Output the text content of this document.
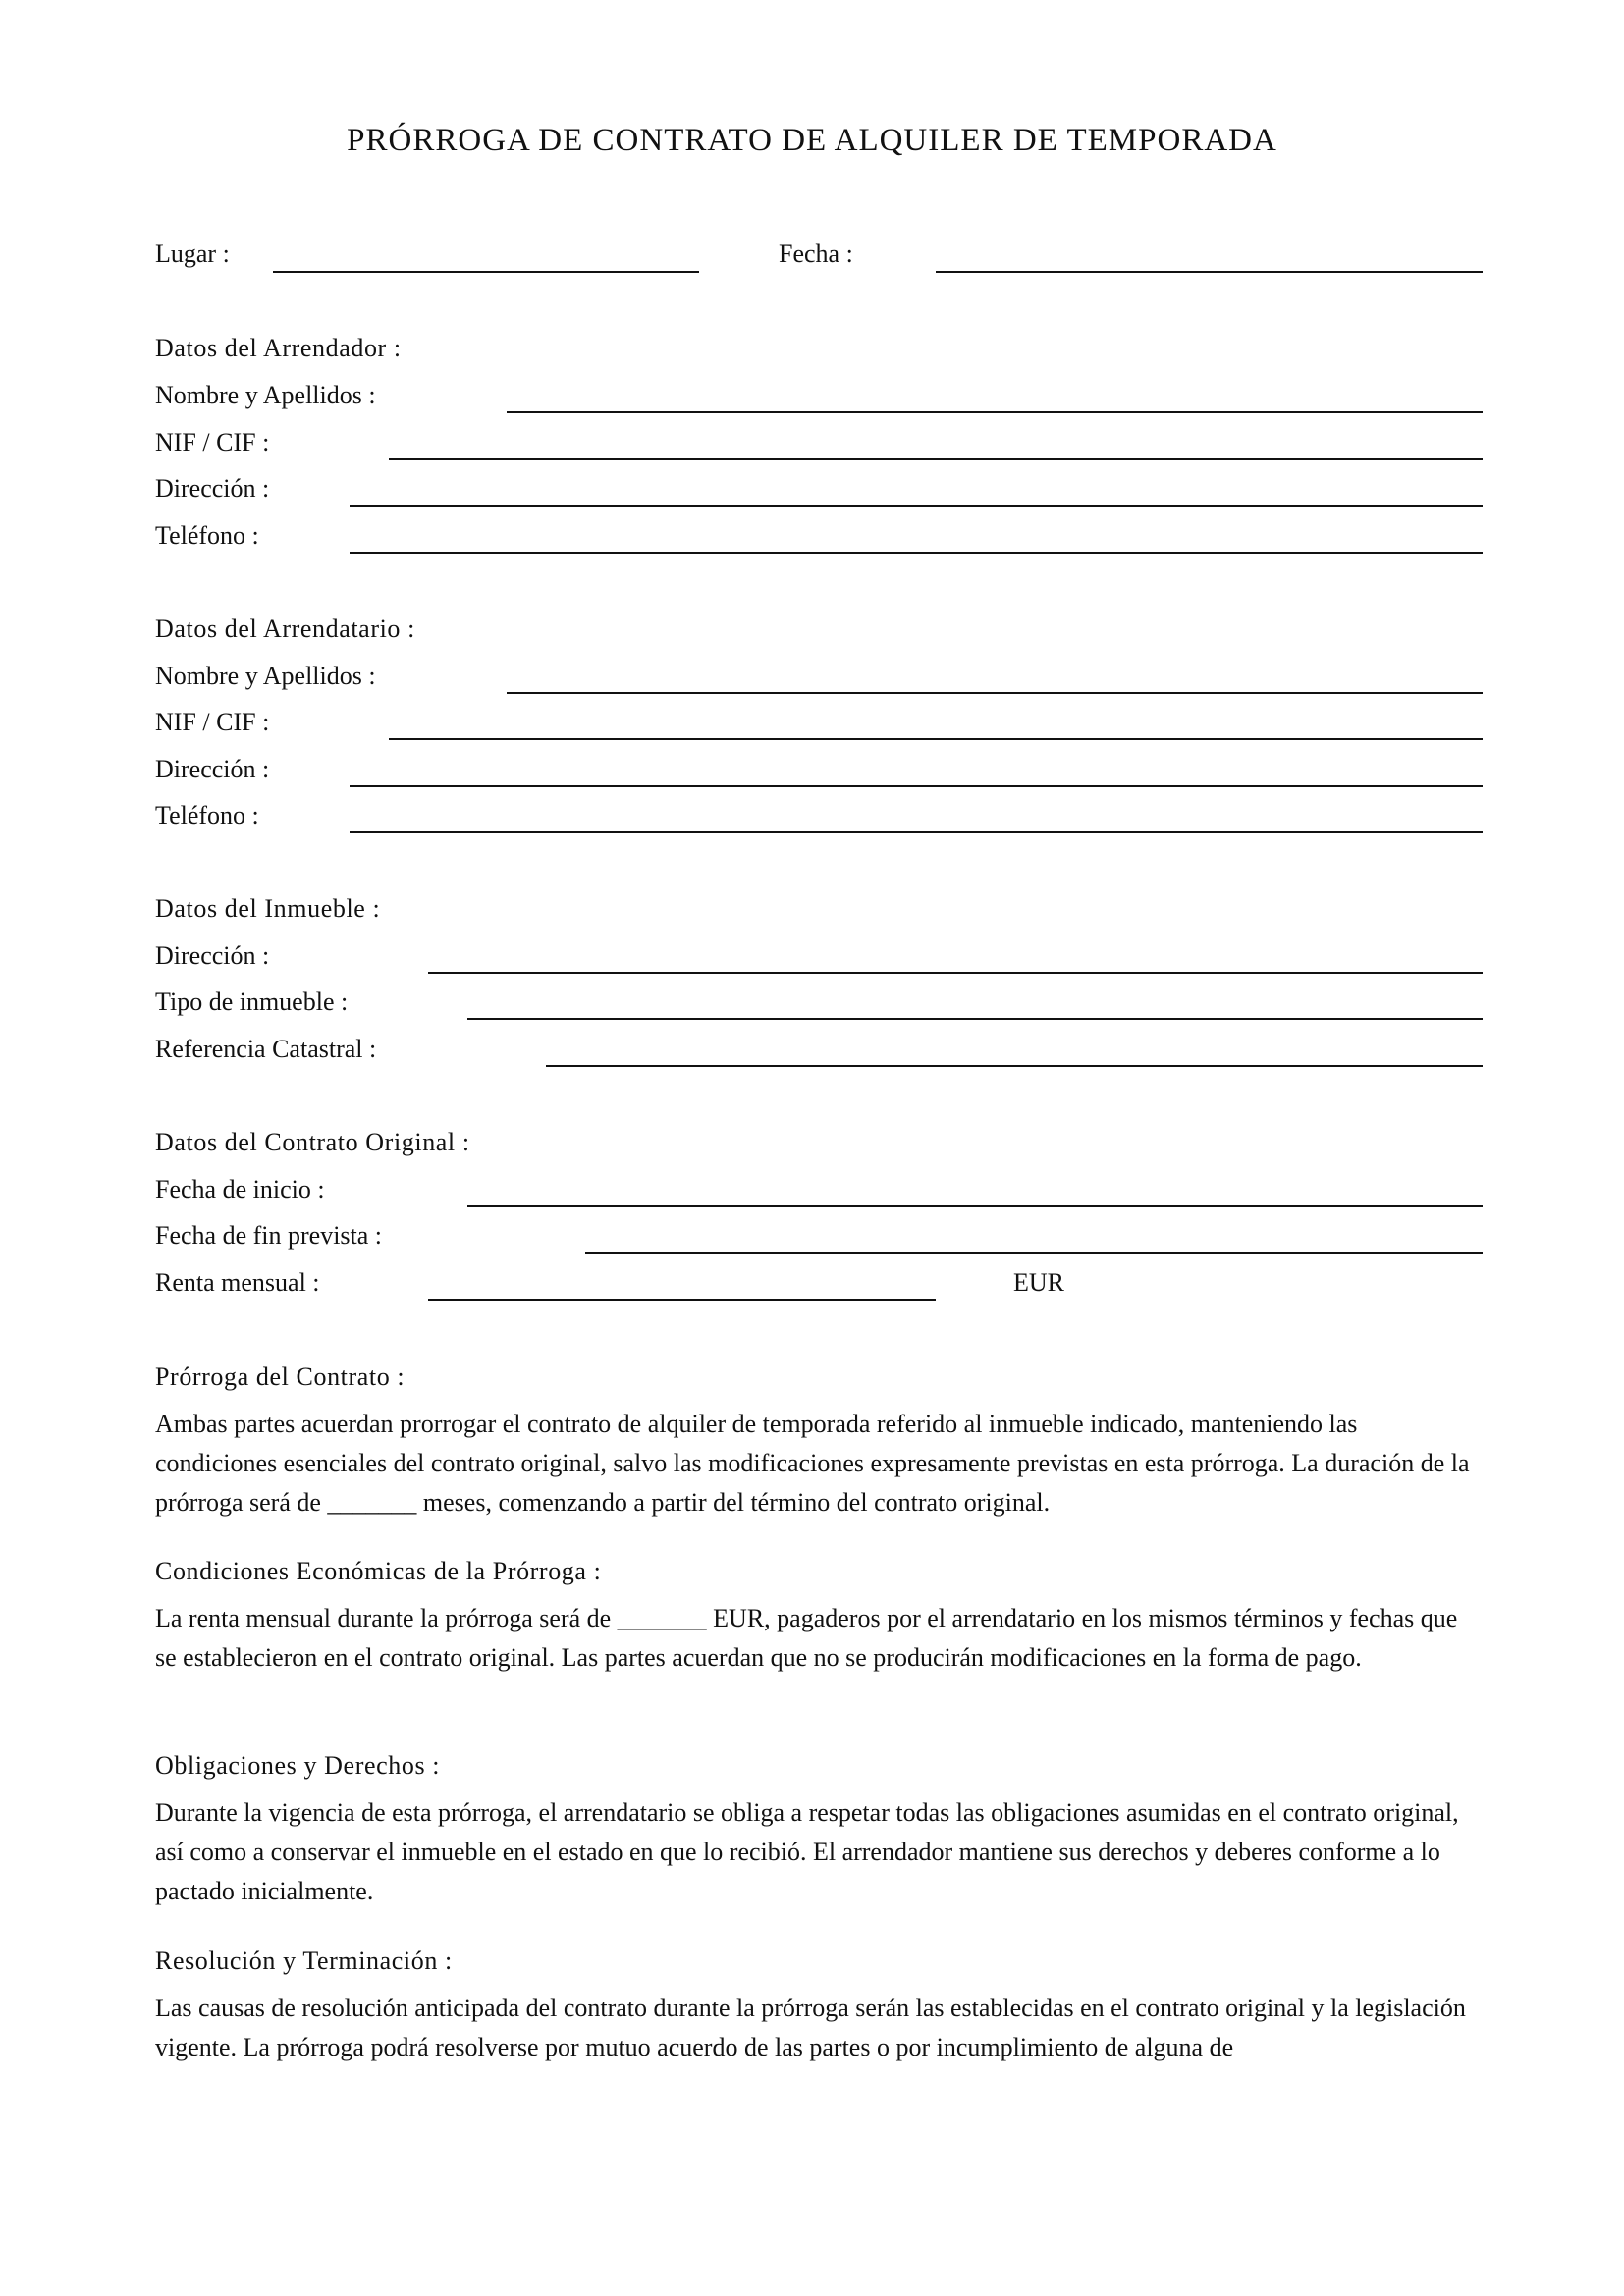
PRÓRROGA DE CONTRATO DE ALQUILER DE TEMPORADA
Lugar :	Fecha :
Datos del Arrendador :
Nombre y Apellidos :
NIF / CIF :
Dirección :
Teléfono :
Datos del Arrendatario :
Nombre y Apellidos :
NIF / CIF :
Dirección :
Teléfono :
Datos del Inmueble :
Dirección :
Tipo de inmueble :
Referencia Catastral :
Datos del Contrato Original :
Fecha de inicio :
Fecha de fin prevista :
Renta mensual :	EUR
Prórroga del Contrato :
Ambas partes acuerdan prorrogar el contrato de alquiler de temporada referido al inmueble indicado, manteniendo las condiciones esenciales del contrato original, salvo las modificaciones expresamente previstas en esta prórroga. La duración de la prórroga será de _______ meses, comenzando a partir del término del contrato original.
Condiciones Económicas de la Prórroga :
La renta mensual durante la prórroga será de _______ EUR, pagaderos por el arrendatario en los mismos términos y fechas que se establecieron en el contrato original. Las partes acuerdan que no se producirán modificaciones en la forma de pago.
Obligaciones y Derechos :
Durante la vigencia de esta prórroga, el arrendatario se obliga a respetar todas las obligaciones asumidas en el contrato original, así como a conservar el inmueble en el estado en que lo recibió. El arrendador mantiene sus derechos y deberes conforme a lo pactado inicialmente.
Resolución y Terminación :
Las causas de resolución anticipada del contrato durante la prórroga serán las establecidas en el contrato original y la legislación vigente. La prórroga podrá resolverse por mutuo acuerdo de las partes o por incumplimiento de alguna de
